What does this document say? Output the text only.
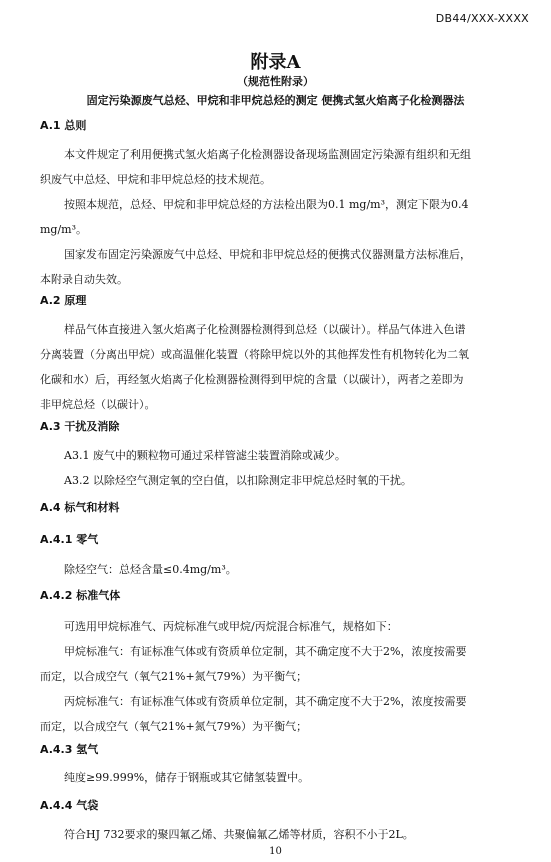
DB44/XXX-XXXX
附录A
（规范性附录）
固定污染源废气总烃、甲烷和非甲烷总烃的测定 便携式氢火焰离子化检测器法
A.1 总则
本文件规定了利用便携式氢火焰离子化检测器设备现场监测固定污染源有组织和无组
织废气中总烃、甲烷和非甲烷总烃的技术规范。
按照本规范，总烃、甲烷和非甲烷总烃的方法检出限为0.1 mg/m³，测定下限为0.4
mg/m³。
国家发布固定污染源废气中总烃、甲烷和非甲烷总烃的便携式仪器测量方法标准后，
本附录自动失效。
A.2 原理
样品气体直接进入氢火焰离子化检测器检测得到总烃（以碳计）。样品气体进入色谱
分离装置（分离出甲烷）或高温催化装置（将除甲烷以外的其他挥发性有机物转化为二氧
化碳和水）后，再经氢火焰离子化检测器检测得到甲烷的含量（以碳计），两者之差即为
非甲烷总烃（以碳计）。
A.3 干扰及消除
A3.1 废气中的颗粒物可通过采样管滤尘装置消除或减少。
A3.2 以除烃空气测定氧的空白值，以扣除测定非甲烷总烃时氧的干扰。
A.4 标气和材料
A.4.1 零气
除烃空气：总烃含量≤0.4mg/m³。
A.4.2 标准气体
可选用甲烷标准气、丙烷标准气或甲烷/丙烷混合标准气，规格如下：
甲烷标准气：有证标准气体或有资质单位定制，其不确定度不大于2%，浓度按需要
而定，以合成空气（氧气21%+氮气79%）为平衡气；
丙烷标准气：有证标准气体或有资质单位定制，其不确定度不大于2%，浓度按需要
而定，以合成空气（氧气21%+氮气79%）为平衡气；
A.4.3 氢气
纯度≥99.999%，储存于钢瓶或其它储氢装置中。
A.4.4 气袋
符合HJ 732要求的聚四氟乙烯、共聚偏氟乙烯等材质，容积不小于2L。
10
